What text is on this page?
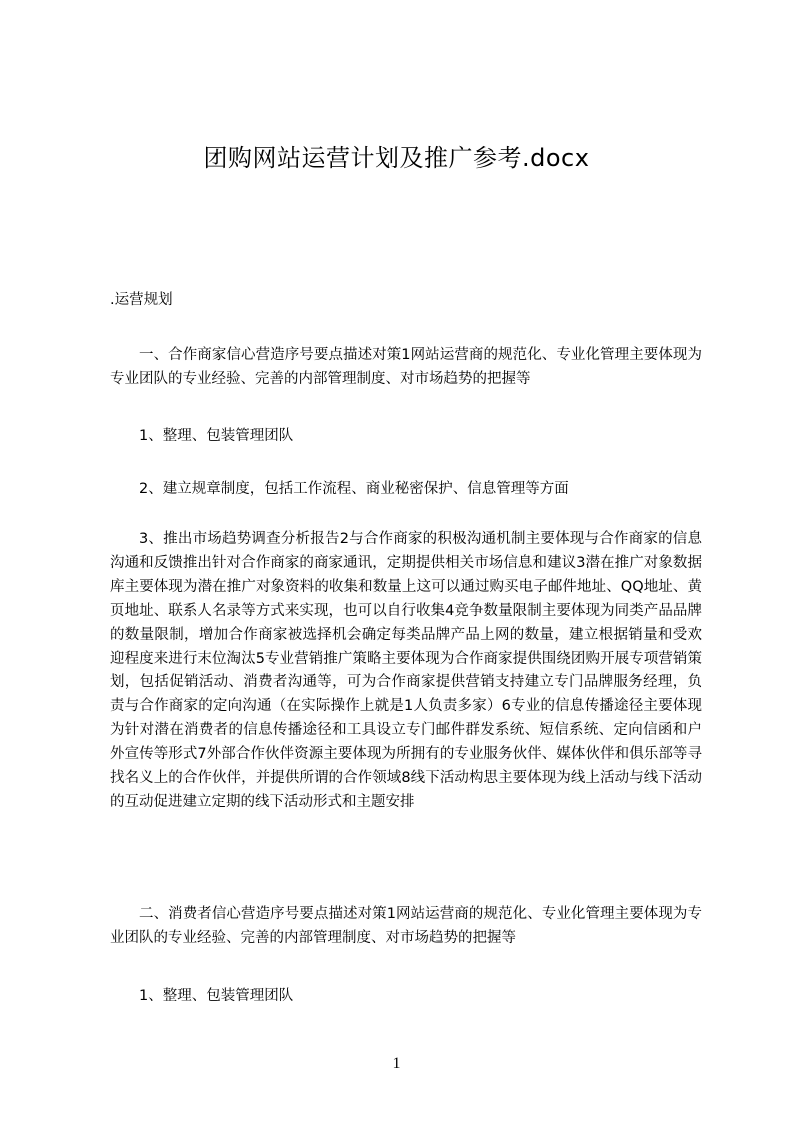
团购网站运营计划及推广参考.docx
.运营规划
一、合作商家信心营造序号要点描述对策1网站运营商的规范化、专业化管理主要体现为专业团队的专业经验、完善的内部管理制度、对市场趋势的把握等
1、整理、包装管理团队
2、建立规章制度，包括工作流程、商业秘密保护、信息管理等方面
3、推出市场趋势调查分析报告2与合作商家的积极沟通机制主要体现与合作商家的信息沟通和反馈推出针对合作商家的商家通讯，定期提供相关市场信息和建议3潜在推广对象数据库主要体现为潜在推广对象资料的收集和数量上这可以通过购买电子邮件地址、QQ地址、黄页地址、联系人名录等方式来实现，也可以自行收集4竞争数量限制主要体现为同类产品品牌的数量限制，增加合作商家被选择机会确定每类品牌产品上网的数量，建立根据销量和受欢迎程度来进行末位淘汰5专业营销推广策略主要体现为合作商家提供围绕团购开展专项营销策划，包括促销活动、消费者沟通等，可为合作商家提供营销支持建立专门品牌服务经理，负责与合作商家的定向沟通（在实际操作上就是1人负责多家）6专业的信息传播途径主要体现为针对潜在消费者的信息传播途径和工具设立专门邮件群发系统、短信系统、定向信函和户外宣传等形式7外部合作伙伴资源主要体现为所拥有的专业服务伙伴、媒体伙伴和俱乐部等寻找名义上的合作伙伴，并提供所谓的合作领域8线下活动构思主要体现为线上活动与线下活动的互动促进建立定期的线下活动形式和主题安排
二、消费者信心营造序号要点描述对策1网站运营商的规范化、专业化管理主要体现为专业团队的专业经验、完善的内部管理制度、对市场趋势的把握等
1、整理、包装管理团队
1
